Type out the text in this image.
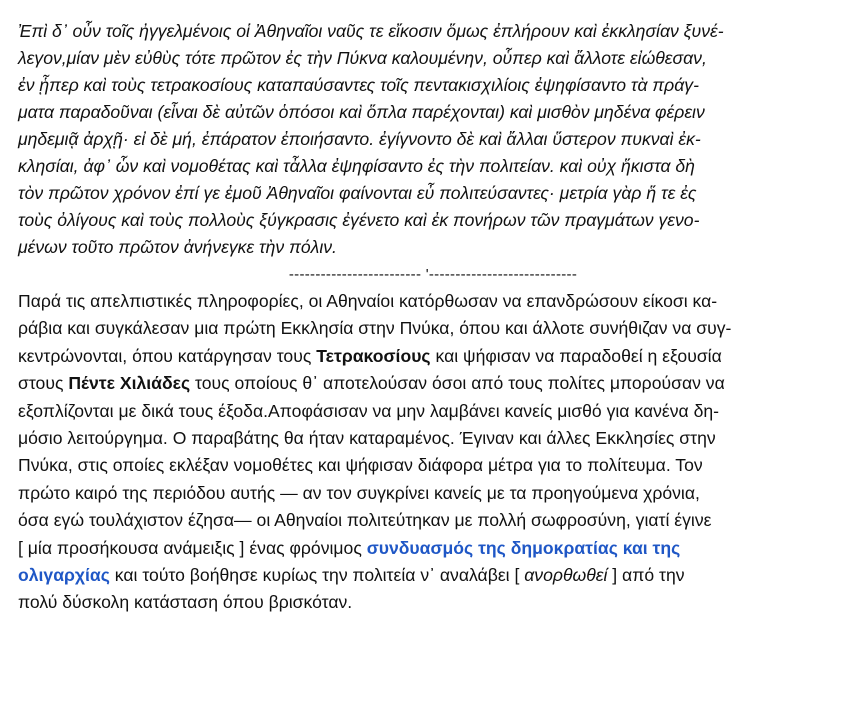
Ἐπὶ δ᾽ οὖν τοῖς ἠγγελμένοις οἱ Ἀθηναῖοι ναῦς τε εἴκοσιν ὅμως ἐπλήρουν καὶ ἐκκλησίαν ξυνέ-
λεγον,μίαν μὲν εὐθὺς τότε πρῶτον ἐς τὴν Πύκνα καλουμένην, οὗπερ καὶ ἄλλοτε εἰώθεσαν,
ἐν ᾗπερ καὶ τοὺς τετρακοσίους καταπαύσαντες τοῖς πεντακισχιλίοις ἐψηφίσαντο τὰ πράγ-
ματα παραδοῦναι (εἶναι δὲ αὐτῶν ὁπόσοι καὶ ὅπλα παρέχονται) καὶ μισθὸν μηδένα φέρειν
μηδεμιᾷ ἀρχῇ· εἰ δὲ μή, ἐπάρατον ἐποιήσαντο. ἐγίγνοντο δὲ καὶ ἄλλαι ὕστερον πυκναὶ ἐκ-
κλησίαι, ἀφ᾽ ὧν καὶ νομοθέτας καὶ τἆλλα ἐψηφίσαντο ἐς τὴν πολιτείαν. καὶ οὐχ ἥκιστα δὴ
τὸν πρῶτον χρόνον ἐπί γε ἐμοῦ Ἀθηναῖοι φαίνονται εὖ πολιτεύσαντες· μετρία γὰρ ἥ τε ἐς
τοὺς ὀλίγους καὶ τοὺς πολλοὺς ξύγκρασις ἐγένετο καὶ ἐκ πονήρων τῶν πραγμάτων γενο-
μένων τοῦτο πρῶτον ἀνήνεγκε τὴν πόλιν.
------------------------- '----------------------------
Παρά τις απελπιστικές πληροφορίες, οι Αθηναίοι κατόρθωσαν να επανδρώσουν είκοσι κα-
ράβια και συγκάλεσαν μια πρώτη Εκκλησία στην Πνύκα, όπου και άλλοτε συνήθιζαν να συγ-
κεντρώνονται, όπου κατάργησαν τους Τετρακοσίους και ψήφισαν να παραδοθεί η εξουσία
στους Πέντε Χιλιάδες τους οποίους θ᾽ αποτελούσαν όσοι από τους πολίτες μπορούσαν να
εξοπλίζονται με δικά τους έξοδα.Αποφάσισαν να μην λαμβάνει κανείς μισθό για κανένα δη-
μόσιο λειτούργημα. Ο παραβάτης θα ήταν καταραμένος. Έγιναν και άλλες Εκκλησίες στην
Πνύκα, στις οποίες εκλέξαν νομοθέτες και ψήφισαν διάφορα μέτρα για το πολίτευμα. Τον
πρώτο καιρό της περιόδου αυτής — αν τον συγκρίνει κανείς με τα προηγούμενα χρόνια,
όσα εγώ τουλάχιστον έζησα— οι Αθηναίοι πολιτεύτηκαν με πολλή σωφροσύνη, γιατί έγινε
[ μία προσήκουσα ανάμειξις ] ένας φρόνιμος συνδυασμός της δημοκρατίας και της
ολιγαρχίας και τούτο βοήθησε κυρίως την πολιτεία ν᾽ αναλάβει [ ανορθωθεί ] από την
πολύ δύσκολη κατάσταση όπου βρισκόταν.
